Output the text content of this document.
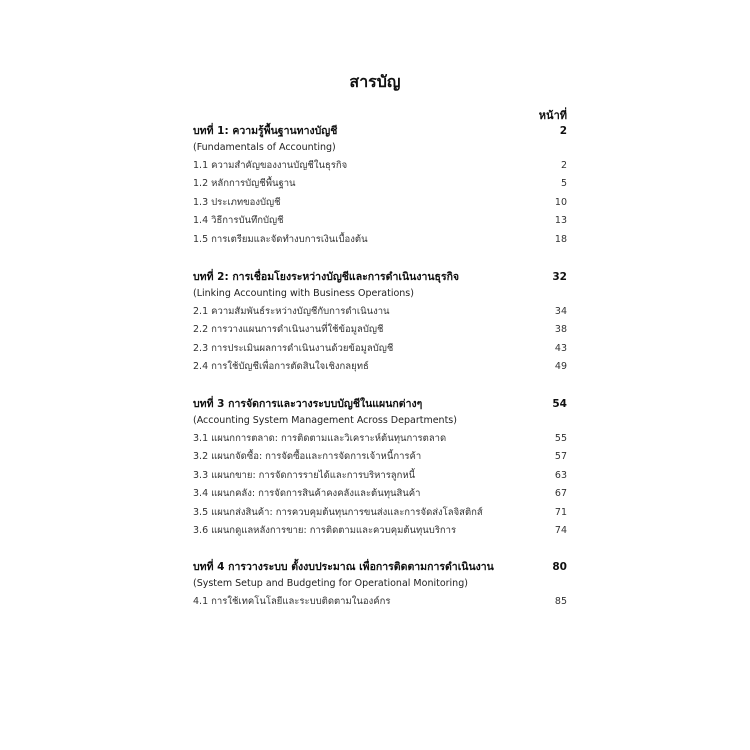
สารบัญ
หน้าที่
บทที่ 1: ความรู้พื้นฐานทางบัญชี	2
(Fundamentals of Accounting)
1.1 ความสำคัญของงานบัญชีในธุรกิจ	2
1.2 หลักการบัญชีพื้นฐาน	5
1.3 ประเภทของบัญชี	10
1.4 วิธีการบันทึกบัญชี	13
1.5 การเตรียมและจัดทำงบการเงินเบื้องต้น	18
บทที่ 2: การเชื่อมโยงระหว่างบัญชีและการดำเนินงานธุรกิจ	32
(Linking Accounting with Business Operations)
2.1 ความสัมพันธ์ระหว่างบัญชีกับการดำเนินงาน	34
2.2 การวางแผนการดำเนินงานที่ใช้ข้อมูลบัญชี	38
2.3 การประเมินผลการดำเนินงานด้วยข้อมูลบัญชี	43
2.4 การใช้บัญชีเพื่อการตัดสินใจเชิงกลยุทธ์	49
บทที่ 3 การจัดการและวางระบบบัญชีในแผนกต่างๆ	54
(Accounting System Management Across Departments)
3.1 แผนกการตลาด: การติดตามและวิเคราะห์ต้นทุนการตลาด	55
3.2 แผนกจัดซื้อ: การจัดซื้อและการจัดการเจ้าหนี้การค้า	57
3.3 แผนกขาย: การจัดการรายได้และการบริหารลูกหนี้	63
3.4 แผนกคลัง: การจัดการสินค้าคงคลังและต้นทุนสินค้า	67
3.5 แผนกส่งสินค้า: การควบคุมต้นทุนการขนส่งและการจัดส่งโลจิสติกส์	71
3.6 แผนกดูแลหลังการขาย: การติดตามและควบคุมต้นทุนบริการ	74
บทที่ 4 การวางระบบ ตั้งงบประมาณ เพื่อการติดตามการดำเนินงาน	80
(System Setup and Budgeting for Operational Monitoring)
4.1 การใช้เทคโนโลยีและระบบติดตามในองค์กร	85
